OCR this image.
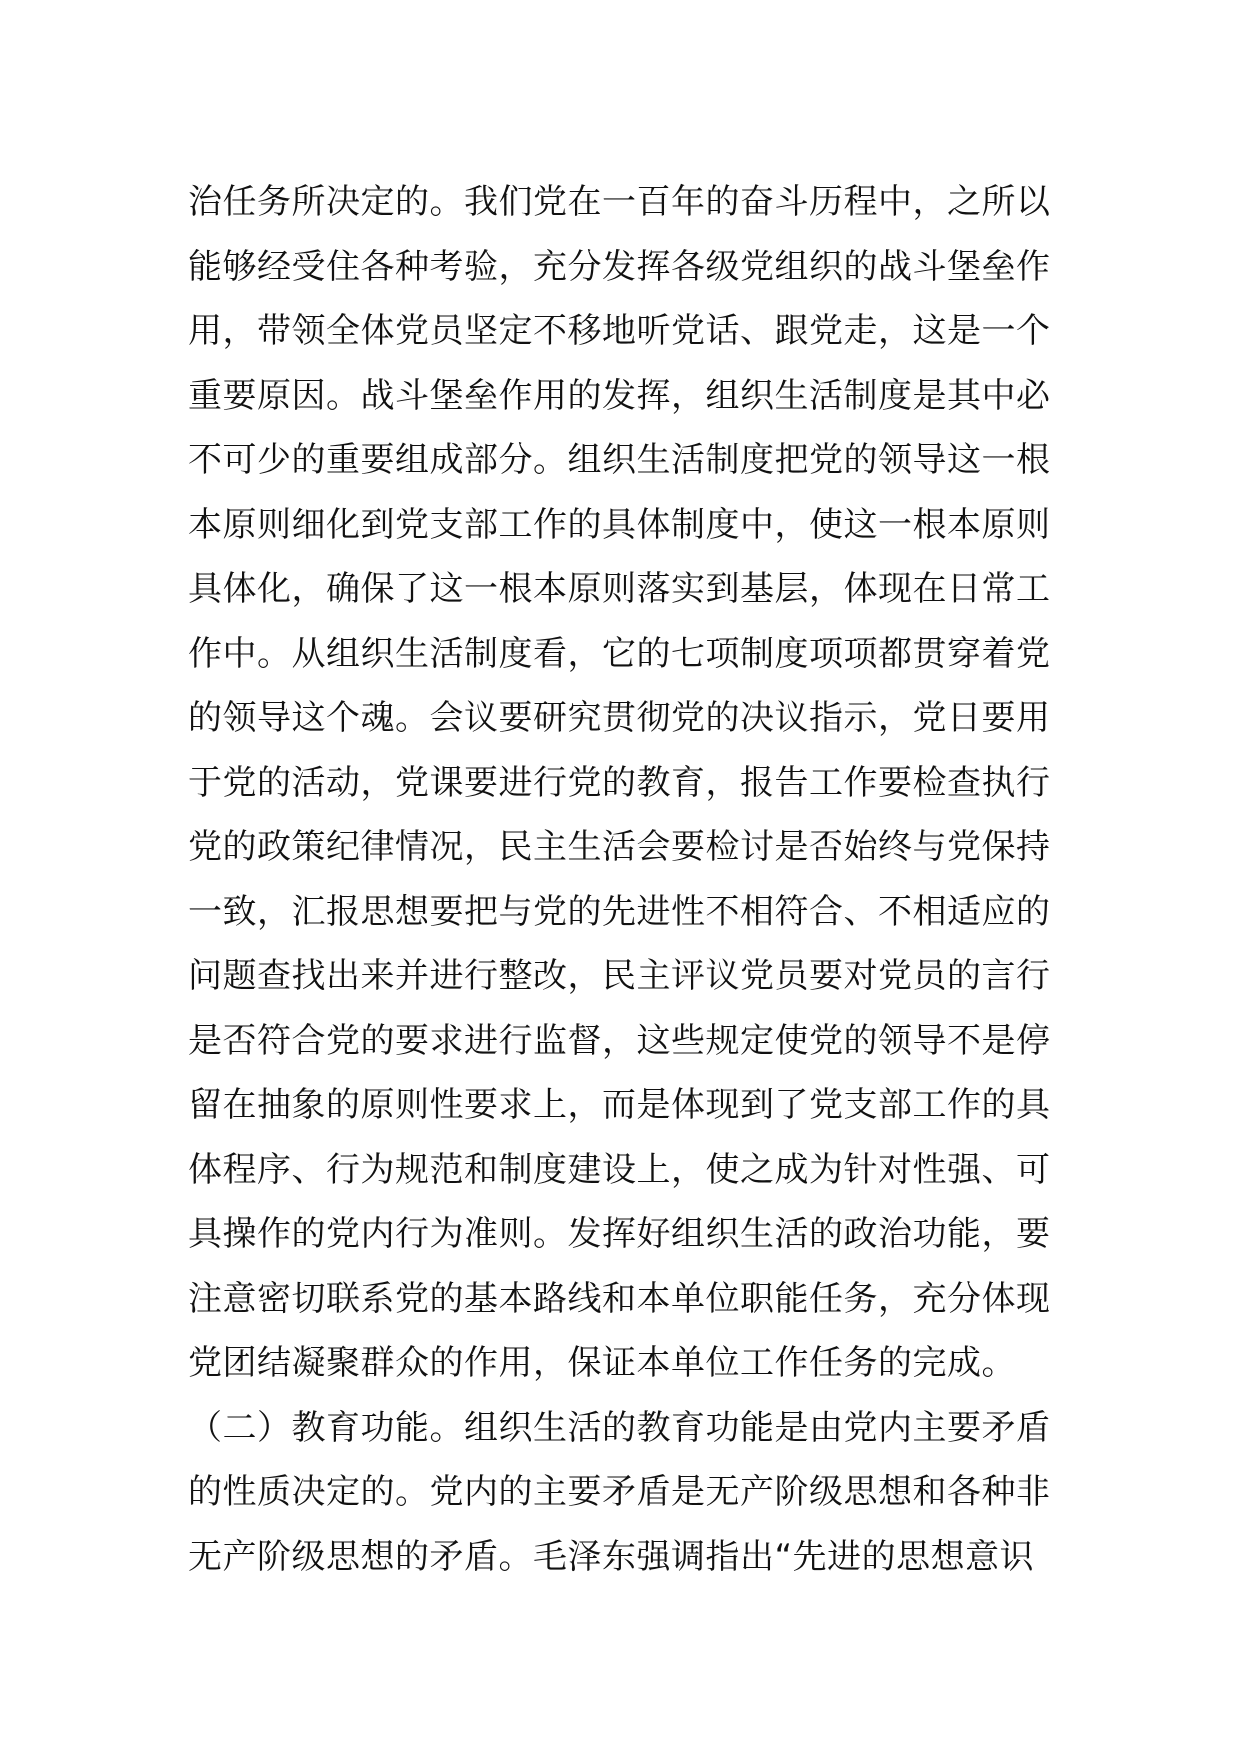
治任务所决定的。我们党在一百年的奋斗历程中，之所以
能够经受住各种考验，充分发挥各级党组织的战斗堡垒作
用，带领全体党员坚定不移地听党话、跟党走，这是一个
重要原因。战斗堡垒作用的发挥，组织生活制度是其中必
不可少的重要组成部分。组织生活制度把党的领导这一根
本原则细化到党支部工作的具体制度中，使这一根本原则
具体化，确保了这一根本原则落实到基层，体现在日常工
作中。从组织生活制度看，它的七项制度项项都贯穿着党
的领导这个魂。会议要研究贯彻党的决议指示，党日要用
于党的活动，党课要进行党的教育，报告工作要检查执行
党的政策纪律情况，民主生活会要检讨是否始终与党保持
一致，汇报思想要把与党的先进性不相符合、不相适应的
问题查找出来并进行整改，民主评议党员要对党员的言行
是否符合党的要求进行监督，这些规定使党的领导不是停
留在抽象的原则性要求上，而是体现到了党支部工作的具
体程序、行为规范和制度建设上，使之成为针对性强、可
具操作的党内行为准则。发挥好组织生活的政治功能，要
注意密切联系党的基本路线和本单位职能任务，充分体现
党团结凝聚群众的作用，保证本单位工作任务的完成。
（二）教育功能。组织生活的教育功能是由党内主要矛盾
的性质决定的。党内的主要矛盾是无产阶级思想和各种非
无产阶级思想的矛盾。毛泽东强调指出“先进的思想意识
